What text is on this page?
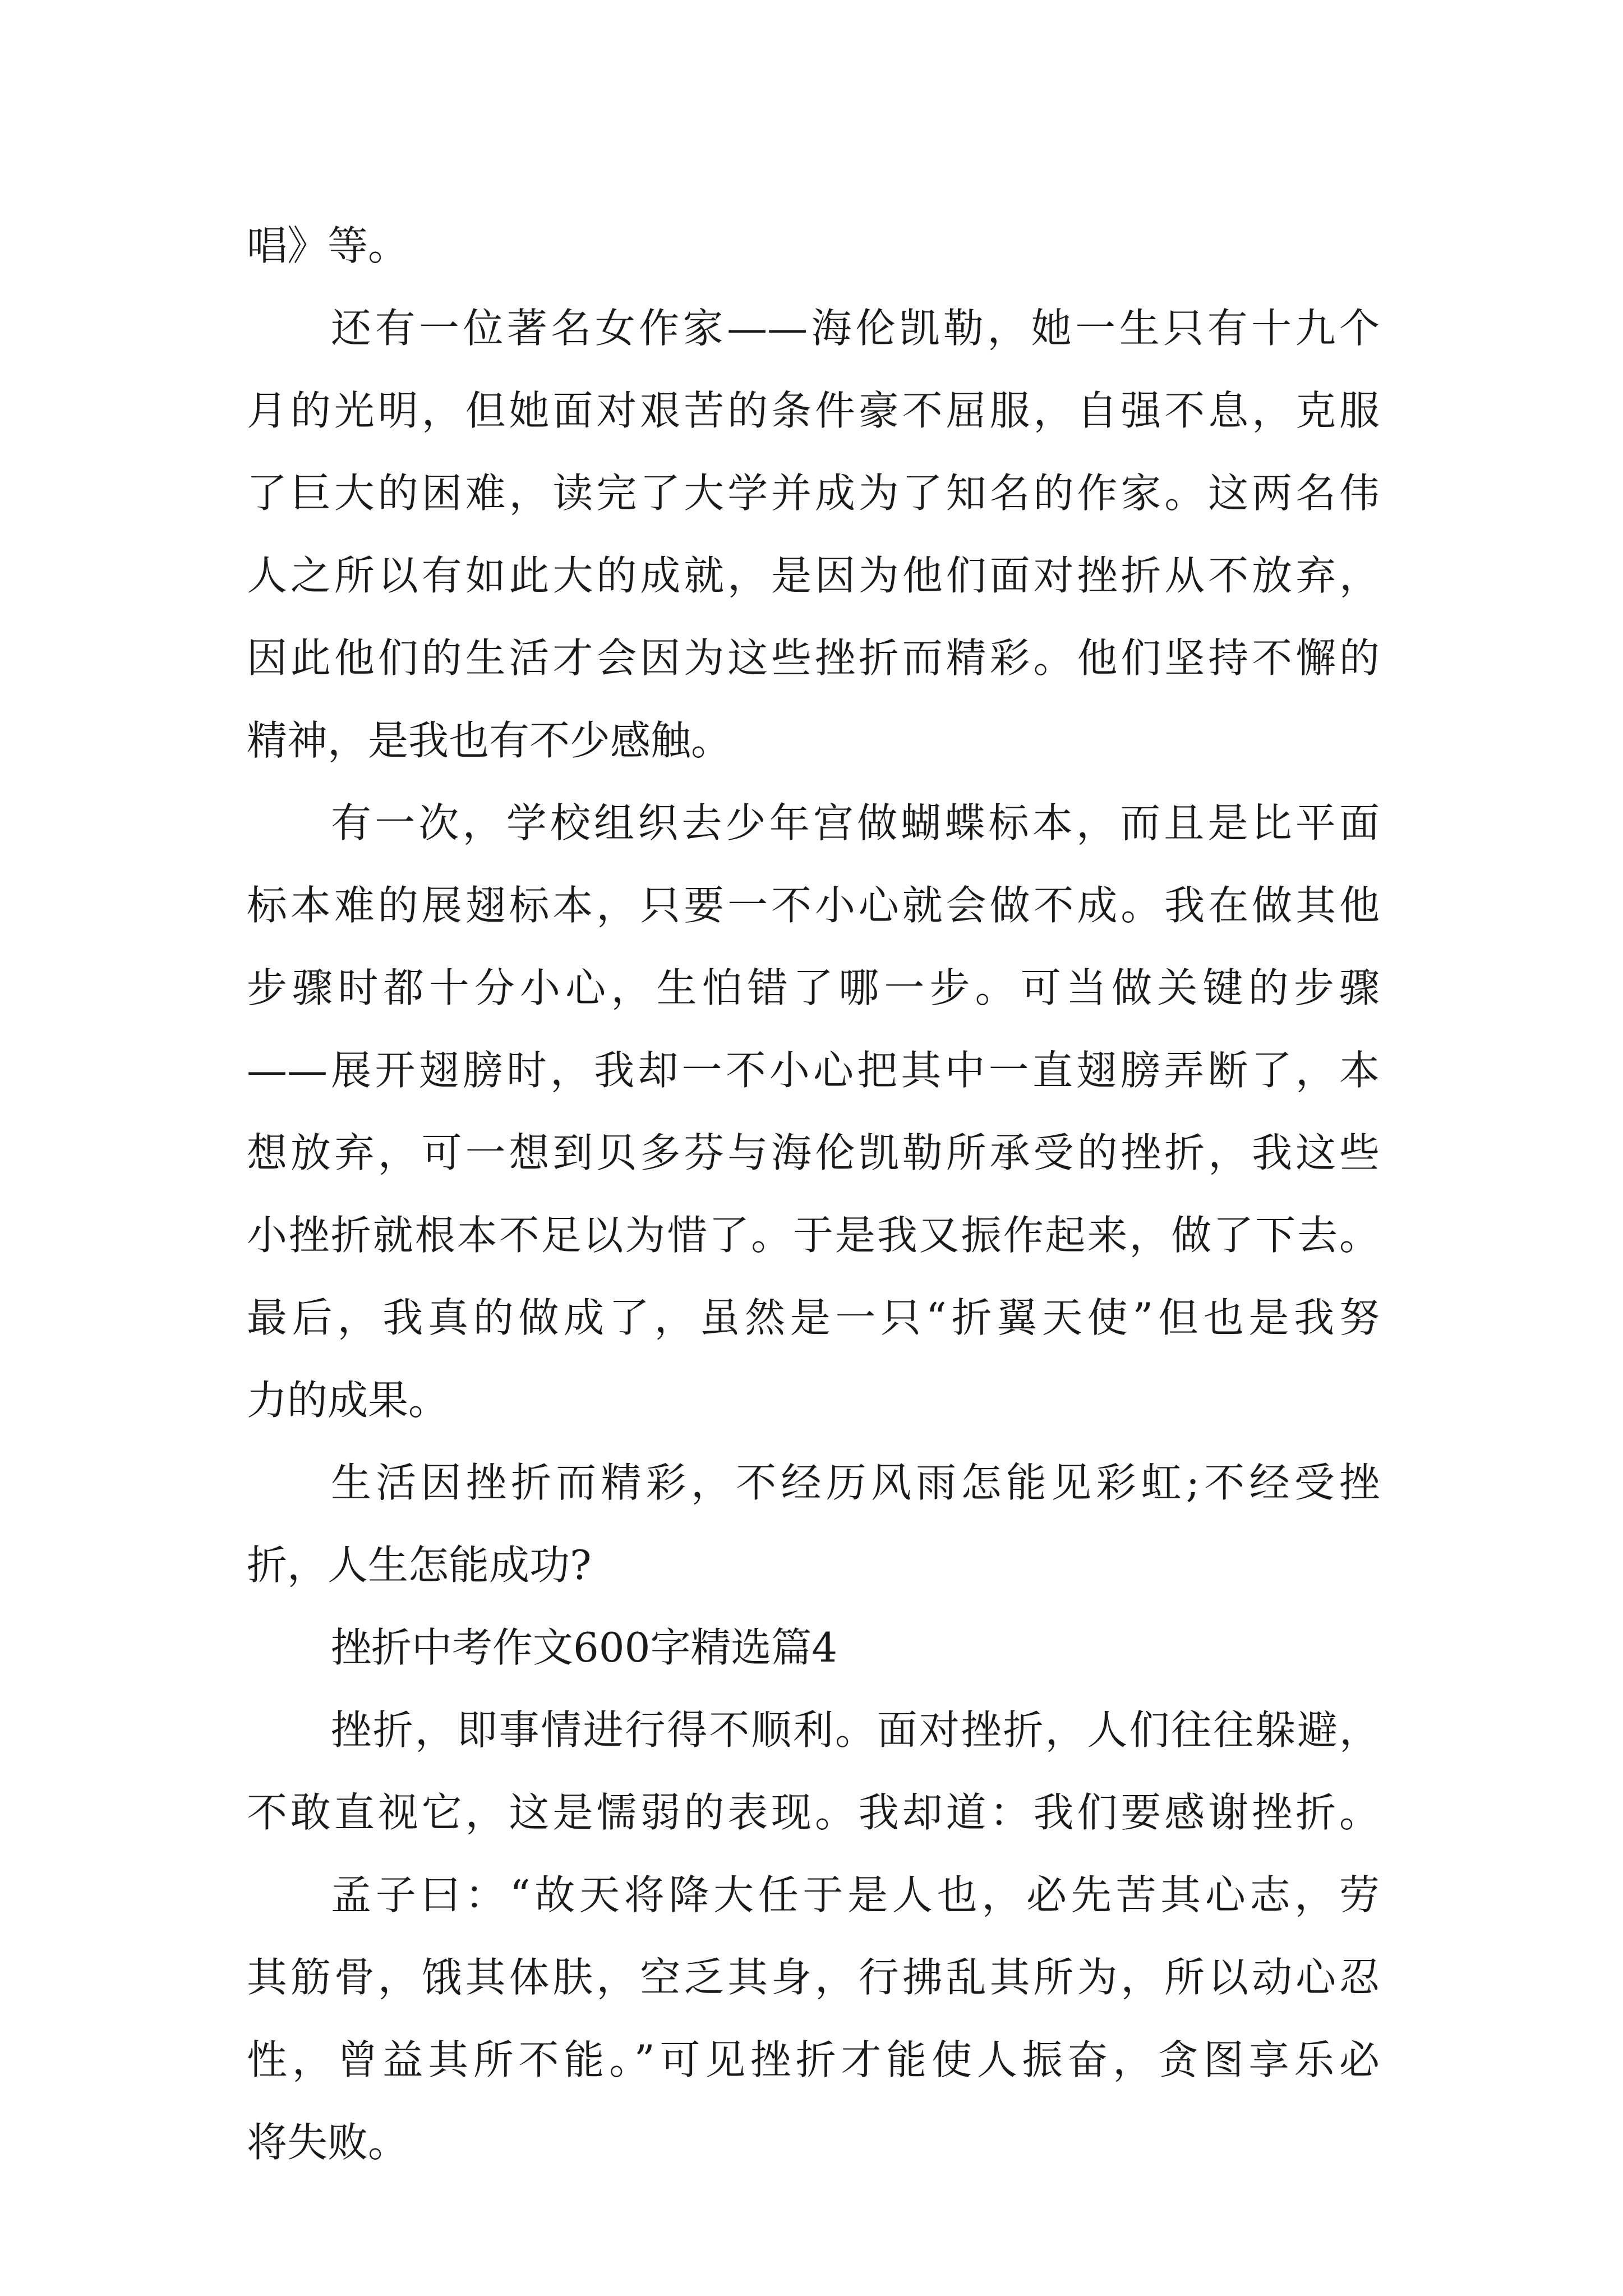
唱》等。
还有一位著名女作家——海伦凯勒，她一生只有十九个
月的光明，但她面对艰苦的条件豪不屈服，自强不息，克服
了巨大的困难，读完了大学并成为了知名的作家。这两名伟
人之所以有如此大的成就，是因为他们面对挫折从不放弃，
因此他们的生活才会因为这些挫折而精彩。他们坚持不懈的
精神，是我也有不少感触。
有一次，学校组织去少年宫做蝴蝶标本，而且是比平面
标本难的展翅标本，只要一不小心就会做不成。我在做其他
步骤时都十分小心，生怕错了哪一步。可当做关键的步骤
——展开翅膀时，我却一不小心把其中一直翅膀弄断了，本
想放弃，可一想到贝多芬与海伦凯勒所承受的挫折，我这些
小挫折就根本不足以为惜了。于是我又振作起来，做了下去。
最后，我真的做成了，虽然是一只“折翼天使”但也是我努
力的成果。
生活因挫折而精彩，不经历风雨怎能见彩虹;不经受挫
折，人生怎能成功?
挫折中考作文600字精选篇4
挫折，即事情进行得不顺利。面对挫折，人们往往躲避，
不敢直视它，这是懦弱的表现。我却道：我们要感谢挫折。
孟子曰：“故天将降大任于是人也，必先苦其心志，劳
其筋骨，饿其体肤，空乏其身，行拂乱其所为，所以动心忍
性，曾益其所不能。”可见挫折才能使人振奋，贪图享乐必
将失败。
